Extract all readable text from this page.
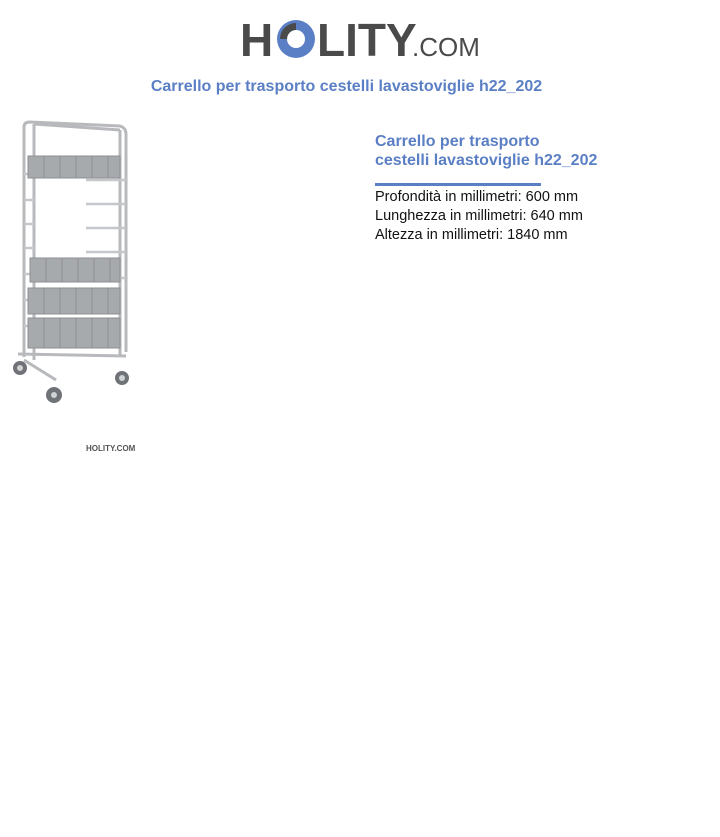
H LITY
.COM
Carrello per trasporto cestelli lavastoviglie h22_202
HOLITY.COM
Carrello per trasporto
cestelli lavastoviglie h22_202
Profondità in millimetri: 600 mm
Lunghezza in millimetri: 640 mm
Altezza in millimetri: 1840 mm
